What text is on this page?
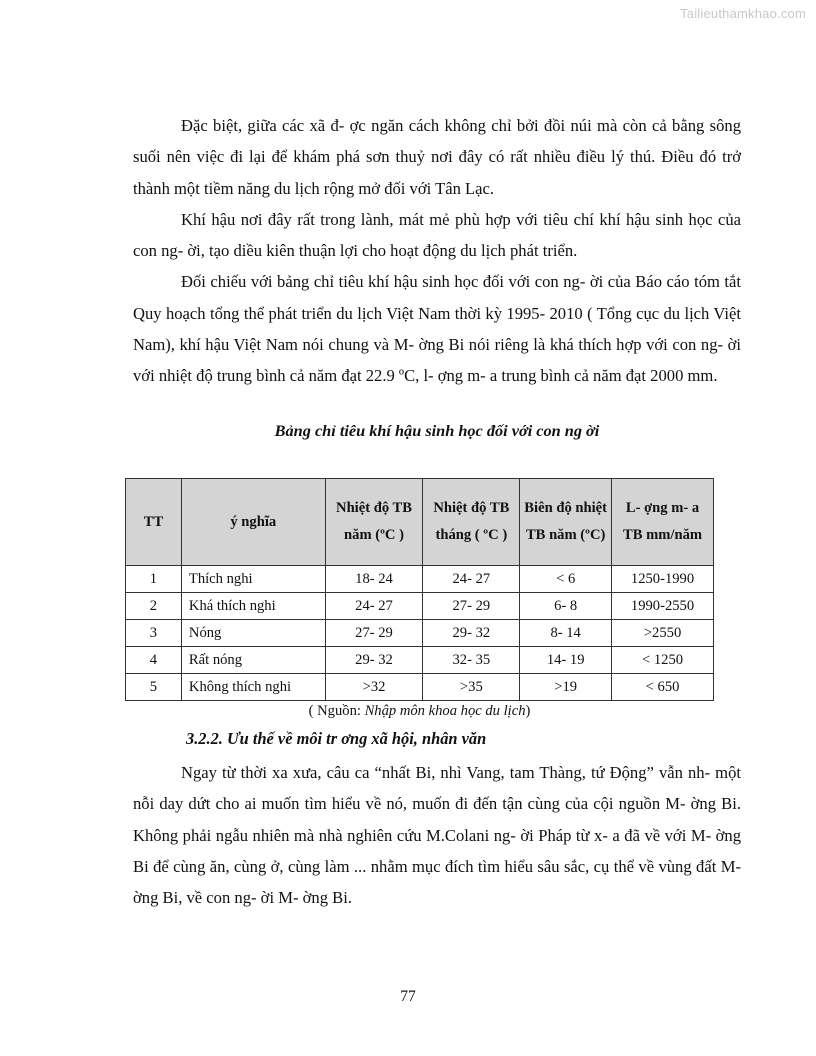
Tailieuthamkhao.com

Đặc biệt, giữa các xã đ- ợc ngăn cách không chỉ bởi đồi núi mà còn cả bằng sông suối nên việc đi lại để khám phá sơn thuỷ nơi đây có rất nhiều điều lý thú. Điều đó trở thành một tiềm năng du lịch rộng mở đối với Tân Lạc.

Khí hậu nơi đây rất trong lành, mát mẻ phù hợp với tiêu chí khí hậu sinh học của con ng- ời, tạo diều kiên thuận lợi cho hoạt động du lịch phát triển.

Đối chiếu với bảng chỉ tiêu khí hậu sinh học đối với con ng- ời của Báo cáo tóm tắt Quy hoạch tổng thể phát triển du lịch Việt Nam thời kỳ 1995- 2010 ( Tổng cục du lịch Việt Nam), khí hậu Việt Nam nói chung và M- ờng Bi nói riêng là khá thích hợp với con ng- ời với nhiệt độ trung bình cả năm đạt 22.9 ºC, l- ợng m- a trung bình cả năm đạt 2000 mm.

Bảng chỉ tiêu khí hậu sinh học đối với con ng ời
TT	ý nghĩa	Nhiệt độ TB năm (ºC )	Nhiệt độ TB tháng ( ºC )	Biên độ nhiệt TB năm (ºC)	L- ợng m- a TB mm/năm
1	Thích nghi	18- 24	24- 27	< 6	1250-1990
2	Khá thích nghi	24- 27	27- 29	6- 8	1990-2550
3	Nóng	27- 29	29- 32	8- 14	>2550
4	Rất nóng	29- 32	32- 35	14- 19	< 1250
5	Không thích nghi	>32	>35	>19	< 650
( Nguồn: Nhập môn khoa học du lịch)
3.2.2. Ưu thế về môi tr ơng xã hội, nhân văn

Ngay từ thời xa xưa, câu ca “nhất Bi, nhì Vang, tam Thàng, tứ Động” vẫn nh- một nỗi day dứt cho ai muốn tìm hiểu về nó, muốn đi đến tận cùng của cội nguồn M- ờng Bi. Không phải ngẫu nhiên mà nhà nghiên cứu M.Colani ng- ời Pháp từ x- a đã về với M- ờng Bi để cùng ăn, cùng ở, cùng làm ... nhằm mục đích tìm hiểu sâu sắc, cụ thể về vùng đất M- ờng Bi, về con ng- ời M- ờng Bi.

77
